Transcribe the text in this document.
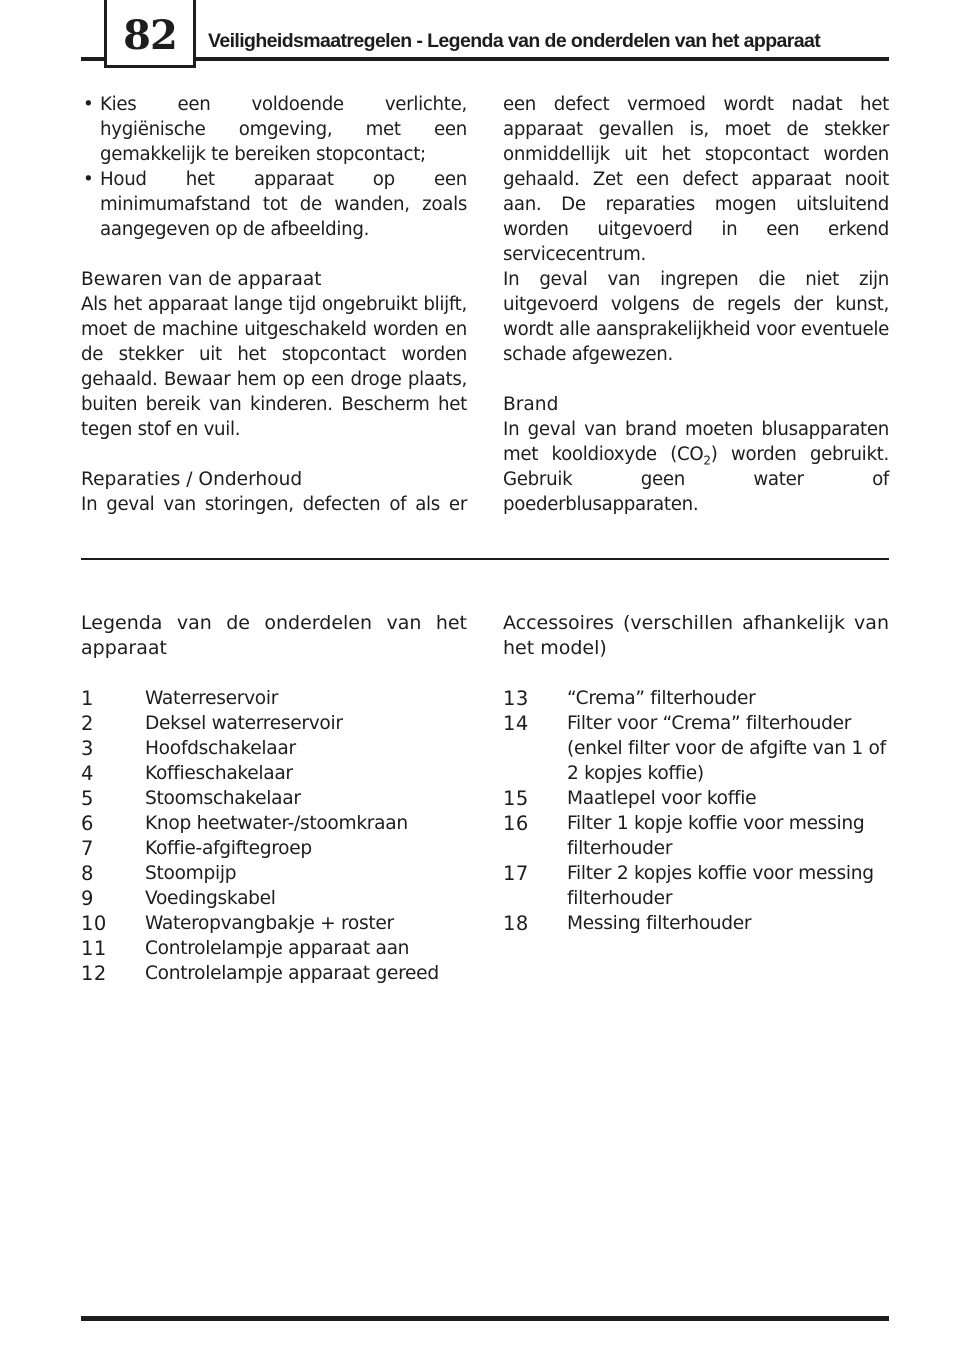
82	Veiligheidsmaatregelen - Legenda van de onderdelen van het apparaat
• Kies een voldoende verlichte, hygiënische omgeving, met een gemakkelijk te bereiken stopcontact;
• Houd het apparaat op een minimumafstand tot de wanden, zoals aangegeven op de afbeelding.

Bewaren van de apparaat

Als het apparaat lange tijd ongebruikt blijft, moet de machine uitgeschakeld worden en de stekker uit het stopcontact worden gehaald. Bewaar hem op een droge plaats, buiten bereik van kinderen. Bescherm het tegen stof en vuil.

Reparaties / Onderhoud

In geval van storingen, defecten of als er

een defect vermoed wordt nadat het apparaat gevallen is, moet de stekker onmiddellijk uit het stopcontact worden gehaald. Zet een defect apparaat nooit aan. De reparaties mogen uitsluitend worden uitgevoerd in een erkend servicecentrum.

In geval van ingrepen die niet zijn uitgevoerd volgens de regels der kunst, wordt alle aansprakelijkheid voor eventuele schade afgewezen.

Brand

In geval van brand moeten blusapparaten met kooldioxyde $(CO_2)$ worden gebruikt. Gebruik geen water of poederblusapparaten.

Legenda van de onderdelen van het apparaat
Accessoires (verschillen afhankelijk van het model)
1	Waterreservoir
2	Deksel waterreservoir
3	Hoofdschakelaar
4	Koffieschakelaar
5	Stoomschakelaar
6	Knop heetwater-/stoomkraan
7	Koffie-afgiftegroep
8	Stoompijp
9	Voedingskabel
10	Wateropvangbakje + roster
11	Controlelampje apparaat aan
12	Controlelampje apparaat gereed
13	“Crema” filterhouder
14	Filter voor “Crema” filterhouder (enkel filter voor de afgifte van 1 of 2 kopjes koffie)
15	Maatlepel voor koffie
16	Filter 1 kopje koffie voor messing filterhouder
17	Filter 2 kopjes koffie voor messing filterhouder
18	Messing filterhouder
